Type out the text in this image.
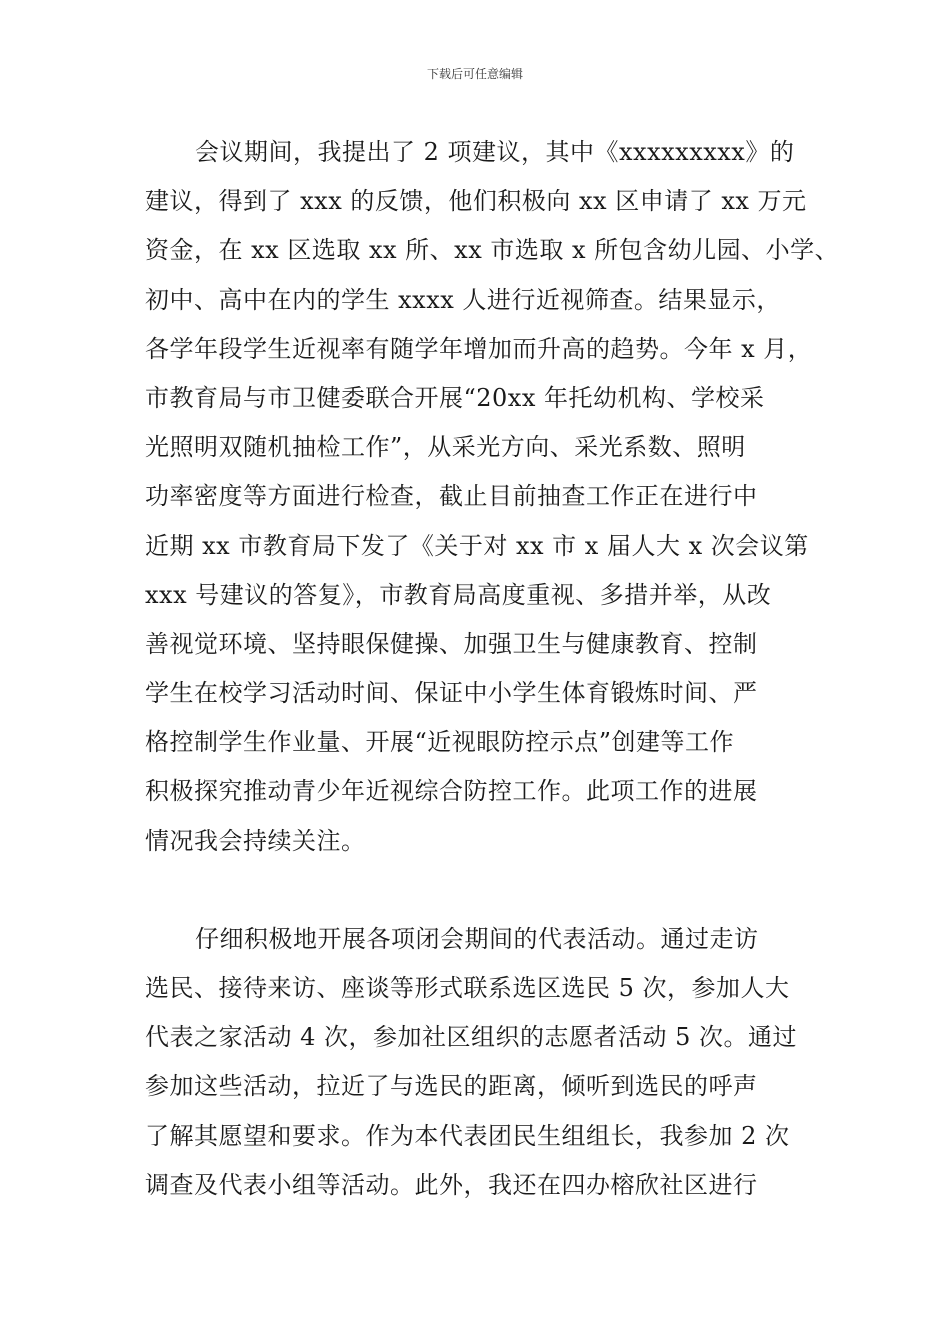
下载后可任意编辑
会议期间，我提出了 2 项建议，其中《xxxxxxxxx》的
建议，得到了 xxx 的反馈，他们积极向 xx 区申请了 xx 万元
资金，在 xx 区选取 xx 所、xx 市选取 x 所包含幼儿园、小学、
初中、高中在内的学生 xxxx 人进行近视筛查。结果显示，
各学年段学生近视率有随学年增加而升高的趋势。今年 x 月，
市教育局与市卫健委联合开展“20xx 年托幼机构、学校采
光照明双随机抽检工作”，从采光方向、采光系数、照明
功率密度等方面进行检查，截止目前抽查工作正在进行中
近期 xx 市教育局下发了《关于对 xx 市 x 届人大 x 次会议第
xxx 号建议的答复》，市教育局高度重视、多措并举，从改
善视觉环境、坚持眼保健操、加强卫生与健康教育、控制
学生在校学习活动时间、保证中小学生体育锻炼时间、严
格控制学生作业量、开展“近视眼防控示点”创建等工作
积极探究推动青少年近视综合防控工作。此项工作的进展
情况我会持续关注。
仔细积极地开展各项闭会期间的代表活动。通过走访
选民、接待来访、座谈等形式联系选区选民 5 次，参加人大
代表之家活动 4 次，参加社区组织的志愿者活动 5 次。通过
参加这些活动，拉近了与选民的距离，倾听到选民的呼声
了解其愿望和要求。作为本代表团民生组组长，我参加 2 次
调查及代表小组等活动。此外，我还在四办榕欣社区进行
